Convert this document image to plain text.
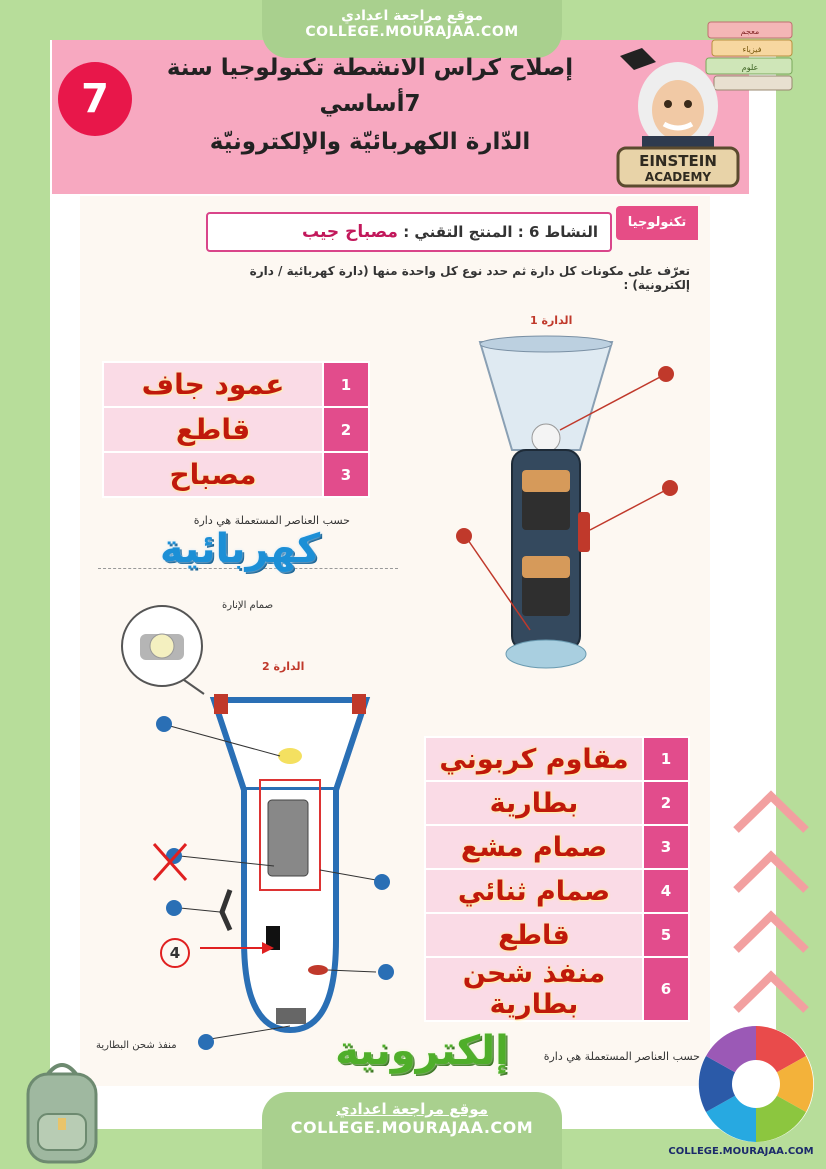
موقع مراجعة اعدادي
COLLEGE.MOURAJAA.COM
7
إصلاح كراس الانشطة تكنولوجيا سنة
7أساسي
الدّارة الكهربائيّة والإلكترونيّة
معجم
فيزياء
علوم
EINSTEIN
ACADEMY
تكنولوجيا
النشاط 6 : المنتج التقني : مصباح جيب
تعرّف على مكونات كل دارة ثم حدد نوع كل واحدة منها (دارة كهربائية / دارة إلكترونية) :
الدارة 1
الدارة 2
عمود جاف	1
قاطع	2
مصباح	3
حسب العناصر المستعملة هي دارة
كهربائية
صمام الإنارة
4
منفذ شحن البطارية
مقاوم كربوني	1
بطارية	2
صمام مشع	3
صمام ثنائي	4
قاطع	5
منفذ شحن بطارية	6
حسب العناصر المستعملة هي دارة
إلكترونية
COLLEGE.MOURAJAA.COM
موقع مراجعة اعدادي
COLLEGE.MOURAJAA.COM
